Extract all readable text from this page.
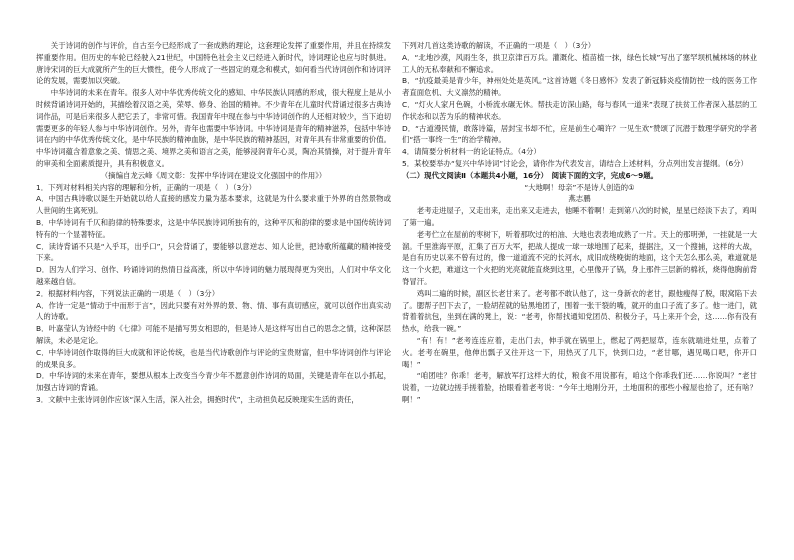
关于诗词的创作与评价，自古至今已经形成了一套成熟的理论，这套理论发挥了重要作用，并且在持续发挥重要作用。但历史的车轮已经驶入21世纪，中国特色社会主义已经进入新时代，诗词理论也应与时俱进。唐诗宋词的巨大成就所产生的巨大惯性，使今人形成了一些固定的观念和模式，如何看当代诗词创作和诗词评论的发展，需要加以突破。

中华诗词的未来在青年。很多人对中华优秀传统文化的感知、中华民族认同感的形成，很大程度上是从小时候背诵诗词开始的，其描绘着汉语之美，荣辱、修身、治国的精神。不少青年在儿童时代背诵过很多古典诗词作品，可是后来很多人把它丢了，非常可惜。我国青年中现在参与中华诗词创作的人还相对较少，当下迫切需要更多的年轻人参与中华诗词创作。另外，青年也需要中华诗词。中华诗词是青年的精神滋养，包括中华诗词在内的中华优秀传统文化，是中华民族的精神血脉，是中华民族的精神基因，对青年具有非常重要的价值。中华诗词蕴含着意象之美、情思之美、境界之美和语言之美，能够浸润青年心灵，陶冶其情操，对于提升青年的审美和全面素质提升，具有积极意义。

（摘编自龙云峰《周文彰：发挥中华诗词在建设文化强国中的作用》）

1．下列对材料相关内容的理解和分析，正确的一项是（　）（3分）

A．中国古典诗歌以诞生开始就以给人直接的感发力量为基本要求，这就是为什么要求重于外界的自然景物或人世间的生离死别。

B．中华诗词有千仄和韵律的特殊要求，这是中华民族诗词所独有的，这种平仄和韵律的要求是中国传统诗词特有的一个显著特征。

C．读诗背诵不只是“入乎耳，出乎口”，只会背诵了，要能够以意逆志、知人论世，把诗歌所蕴藏的精神接受下来。

D．因为人们学习、创作、吟诵诗词的热情日益高涨，所以中华诗词的魅力展现得更为突出，人们对中华文化越来越自信。

2．根据材料内容，下列说法正确的一项是（　）（3分）

A．作诗一定是“情动于中而形于言”，因此只要有对外界的景、物、情、事有真切感应，就可以创作出真实动人的诗歌。

B．叶嘉莹认为诗经中的《七律》可能不是描写男女相思的，但是诗人是这样写出自己的思念之情，这种深层解读，未必是定论。

C．中华诗词创作取得的巨大成就和评论传统，也是当代诗歌创作与评论的宝贵财富，但中华诗词创作与评论的成果良多。

D．中华诗词的未来在青年，要想从根本上改变当今青少年不愿意创作诗词的局面，关键是青年在以小抓起，加强古诗词的背诵。

3．文献中主张诗词创作应该“深入生活，深入社会，拥抱时代”，主动担负起反映现实生活的责任，

下列对几首这类诗歌的解读，不正确的一项是（　）（3分）

A．“北地沙漠，风雨生冬，拱卫京津百万兵。灌溉化、植苗植一抹，绿色长城”写出了塞罕坝机械林场的林业工人的无私奉献和不懈追求。

B．“抗疫最美是青少年，神州处处是英风。”这首诗题《冬日感怀》发表了新冠肺炎疫情防控一线的医务工作者直面危机、大义凛然的精神。

C．“灯火人家月色碗，小桥流水碾无休。帮扶走访深山路，每与春风一道来”表现了扶贫工作者深入基层的工作状态和以苦为乐的精神状态。

D．“古道漫民情，敢落诗篇，居封宝书却不忙，应是前生心噶许？一见生欢”赞颂了沉潜于数理学研究的学者们“搭一事终一生”的治学精神。

4．请简要分析材料一的论证特点。（4分）

5．某校要举办“复兴中华诗词”讨论会，请你作为代表发言，请结合上述材料，分点列出发言提纲。（6分）

（二）现代文阅读Ⅱ（本题共4小题，16分）　阅读下面的文字，完成6～9题。

“大地啊！母亲”不是诗人创造的①

燕志鹏

老考走进屋子，又走出来，走出来又走进去，他睡不着啊！走到第八次的时候，星星已经淡下去了，鸡叫了第一遍。

老考伫立在屋前的枣树下，听着那吹过的柏油、大地也表表地成熟了一片。天上的那明弹，一挂就是一大溜。千里淮海平原，汇集了百万大军，把战人提成一球一球地围了起来，提据注，又一个搜捕，这样的大战，是自有历史以来不曾有过的，像一道道流不完的长河水，成旧成绕晚街的地面，这个天怎么那么美，难道就是这一个火把，难道这一个火把的光亮就能直烧到这里，心里像开了锅，身上那件三层新的棉袄，烧得他胸前背脊冒汗。

鸡叫二遍的时候，副区长老甘来了。老考都不敢认他了，这一身新衣的老甘，跟他瘦得了脱，眼窝陷下去了。腮帮子凹下去了，一脸胡茬就的钻黑地团了，围着一张干裂的嘴，就开的血口子流了多了。他一进门，就背着着抗包，坐到在满的凳上，说：“老考，你帮找通知党团员、积极分子，马上来开个会，这……你有没有热水，给我一碗。”

“有！有！”老考连连应着，走出门去，伸手就在锅里上，燃起了两把屋草，连东就端进灶里，点着了火。老考在碗里，他伸出瓢子又往开这一下，用热灭了几下，快到口边，“老甘哪，遇见喝口吧，你开口喝！”

“咱团哇？你乖！老考，解放军打这样大的仗，粮食不用说都有，咱这个你乖我们还……你说叫？”老甘说着，一边就边搓手搓着脸，抬眼看着老考说：“今年土地刚分开，土地面积的那些小稼屋也拾了，还有啥？啊！”
